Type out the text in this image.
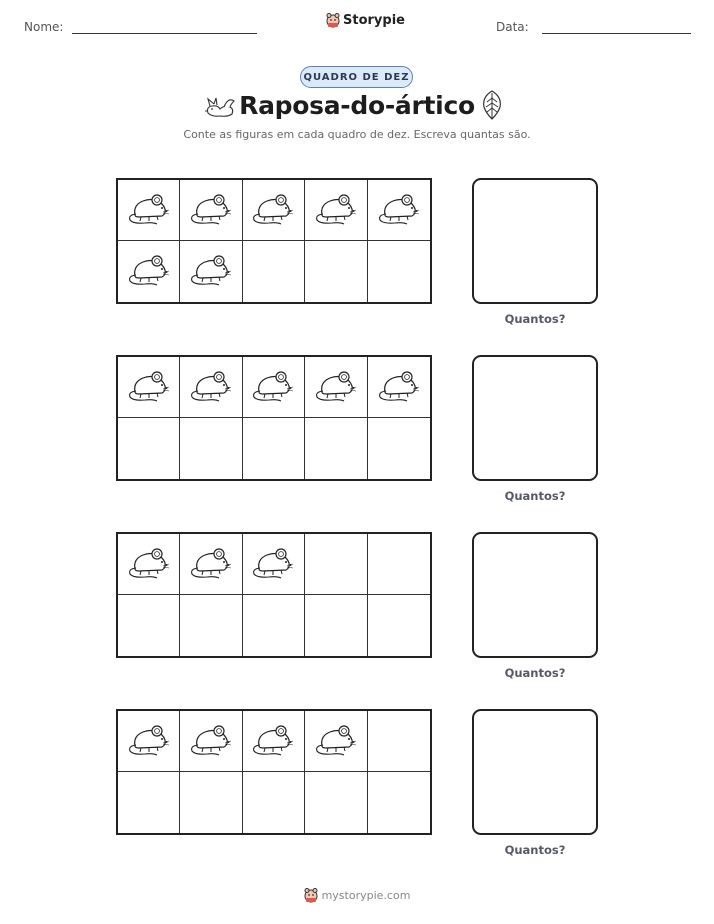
Nome:	Storypie	Data:
QUADRO DE DEZ
Raposa-do-ártico
Conte as figuras em cada quadro de dez. Escreva quantas são.
Quantos?
Quantos?
Quantos?
Quantos?
mystorypie.com
